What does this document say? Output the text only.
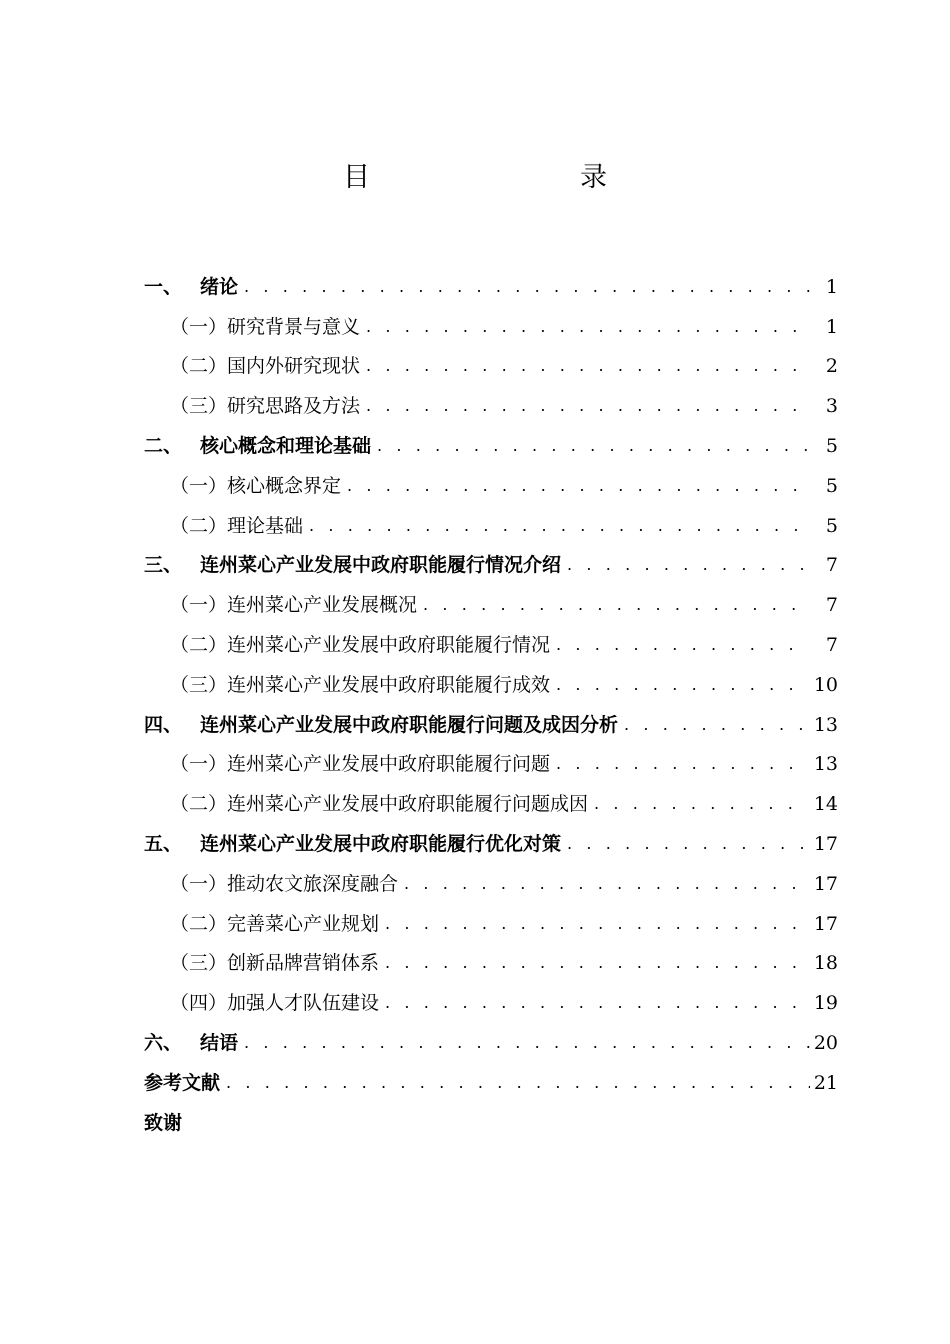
目　　录
一、 绪论 . . .	1
（一） 研究背景与意义 . . .	1
（二） 国内外研究现状 . . .	2
（三） 研究思路及方法 . . .	3
二、 核心概念和理论基础 . . .	5
（一） 核心概念界定 . . .	5
（二） 理论基础 . . .	5
三、 连州菜心产业发展中政府职能履行情况介绍 . . .	7
（一） 连州菜心产业发展概况 . . .	7
（二） 连州菜心产业发展中政府职能履行情况 . . .	7
（三） 连州菜心产业发展中政府职能履行成效 . . .	10
四、 连州菜心产业发展中政府职能履行问题及成因分析 . . .	13
（一） 连州菜心产业发展中政府职能履行问题 . . .	13
（二） 连州菜心产业发展中政府职能履行问题成因 . . .	14
五、 连州菜心产业发展中政府职能履行优化对策 . . .	17
（一） 推动农文旅深度融合 . . .	17
（二） 完善菜心产业规划 . . .	17
（三） 创新品牌营销体系 . . .	18
（四） 加强人才队伍建设 . . .	19
六、 结语 . . .	20
参考文献 . . .	21
致谢
